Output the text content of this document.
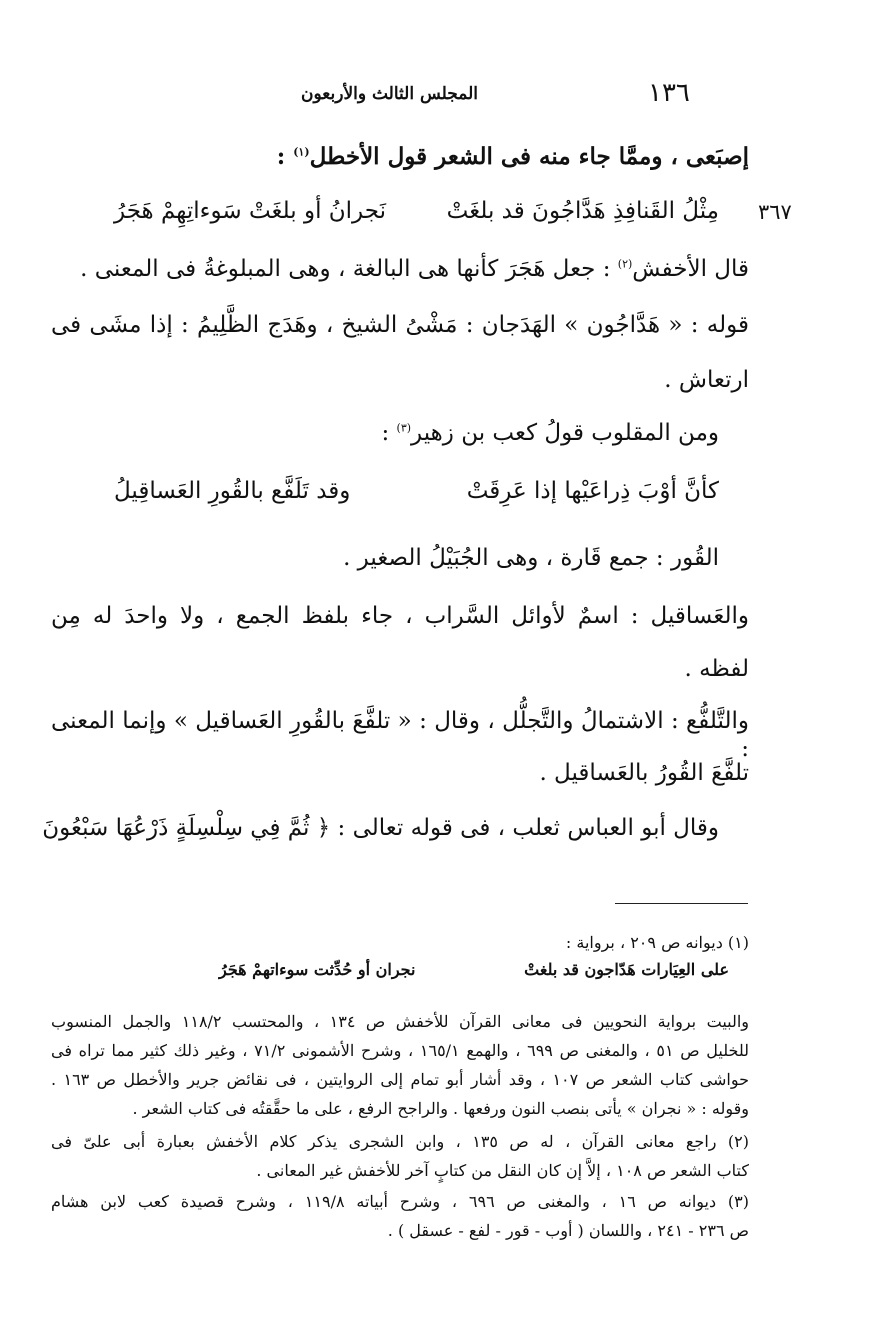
١٣٦
المجلس الثالث والأربعون
٣٦٧
إصبَعى ، وممَّا جاء منه فى الشعر قول الأخطل$^{(١)}$ :
مِثْلُ القَنافِذِ هَدَّاجُونَ قد بلغَتْ
نَجرانُ أو بلغَتْ سَوءاتِهِمْ هَجَرُ
قال الأخفش$^{(٢)}$ : جعل هَجَرَ كأنها هى البالغة ، وهى المبلوغةُ فى المعنى .
قوله : « هَدَّاجُون » الهَدَجان : مَشْىُ الشيخ ، وهَدَج الظَّلِيمُ : إذا مشَى فى
ارتعاش .
ومن المقلوب قولُ كعب بن زهير$^{(٣)}$ :
كأنَّ أوْبَ ذِراعَيْها إذا عَرِقَتْ
وقد تَلَفَّع بالقُورِ العَساقِيلُ
القُور : جمع قَارة ، وهى الجُبَيْلُ الصغير .
والعَساقيل : اسمٌ لأوائل السَّراب ، جاء بلفظ الجمع ، ولا واحدَ له مِن
لفظه .
والتَّلفُّع : الاشتمالُ والتَّجلُّل ، وقال : « تلفَّعَ بالقُورِ العَساقيل » وإنما المعنى :
تلفَّعَ القُورُ بالعَساقيل .
وقال أبو العباس ثعلب ، فى قوله تعالى : ﴿ ثُمَّ فِي سِلْسِلَةٍ ذَرْعُهَا سَبْعُونَ
(١) ديوانه ص ٢٠٩ ، برواية :
على العِيَارات هَدّاجون قد بلغتْ
نجران أو حُدِّثت سوءاتهمْ هَجَرُ
والبيت برواية النحويين فى معانى القرآن للأخفش ص ١٣٤ ، والمحتسب ١١٨/٢ والجمل المنسوب
للخليل ص ٥١ ، والمغنى ص ٦٩٩ ، والهمع ١٦٥/١ ، وشرح الأشمونى ٧١/٢ ، وغير ذلك كثير مما تراه فى
حواشى كتاب الشعر ص ١٠٧ ، وقد أشار أبو تمام إلى الروايتين ، فى نقائض جرير والأخطل ص ١٦٣ .
وقوله : « نجران » يأتى بنصب النون ورفعها . والراجح الرفع ، على ما حقَّقتُه فى كتاب الشعر .
(٢) راجع معانى القرآن ، له ص ١٣٥ ، وابن الشجرى يذكر كلام الأخفش بعبارة أبى علىّ فى
كتاب الشعر ص ١٠٨ ، إلاَّ إن كان النقل من كتابٍ آخر للأخفش غير المعانى .
(٣) ديوانه ص ١٦ ، والمغنى ص ٦٩٦ ، وشرح أبياته ١١٩/٨ ، وشرح قصيدة كعب لابن هشام
ص ٢٣٦ - ٢٤١ ، واللسان ( أوب - قور - لفع - عسقل ) .
